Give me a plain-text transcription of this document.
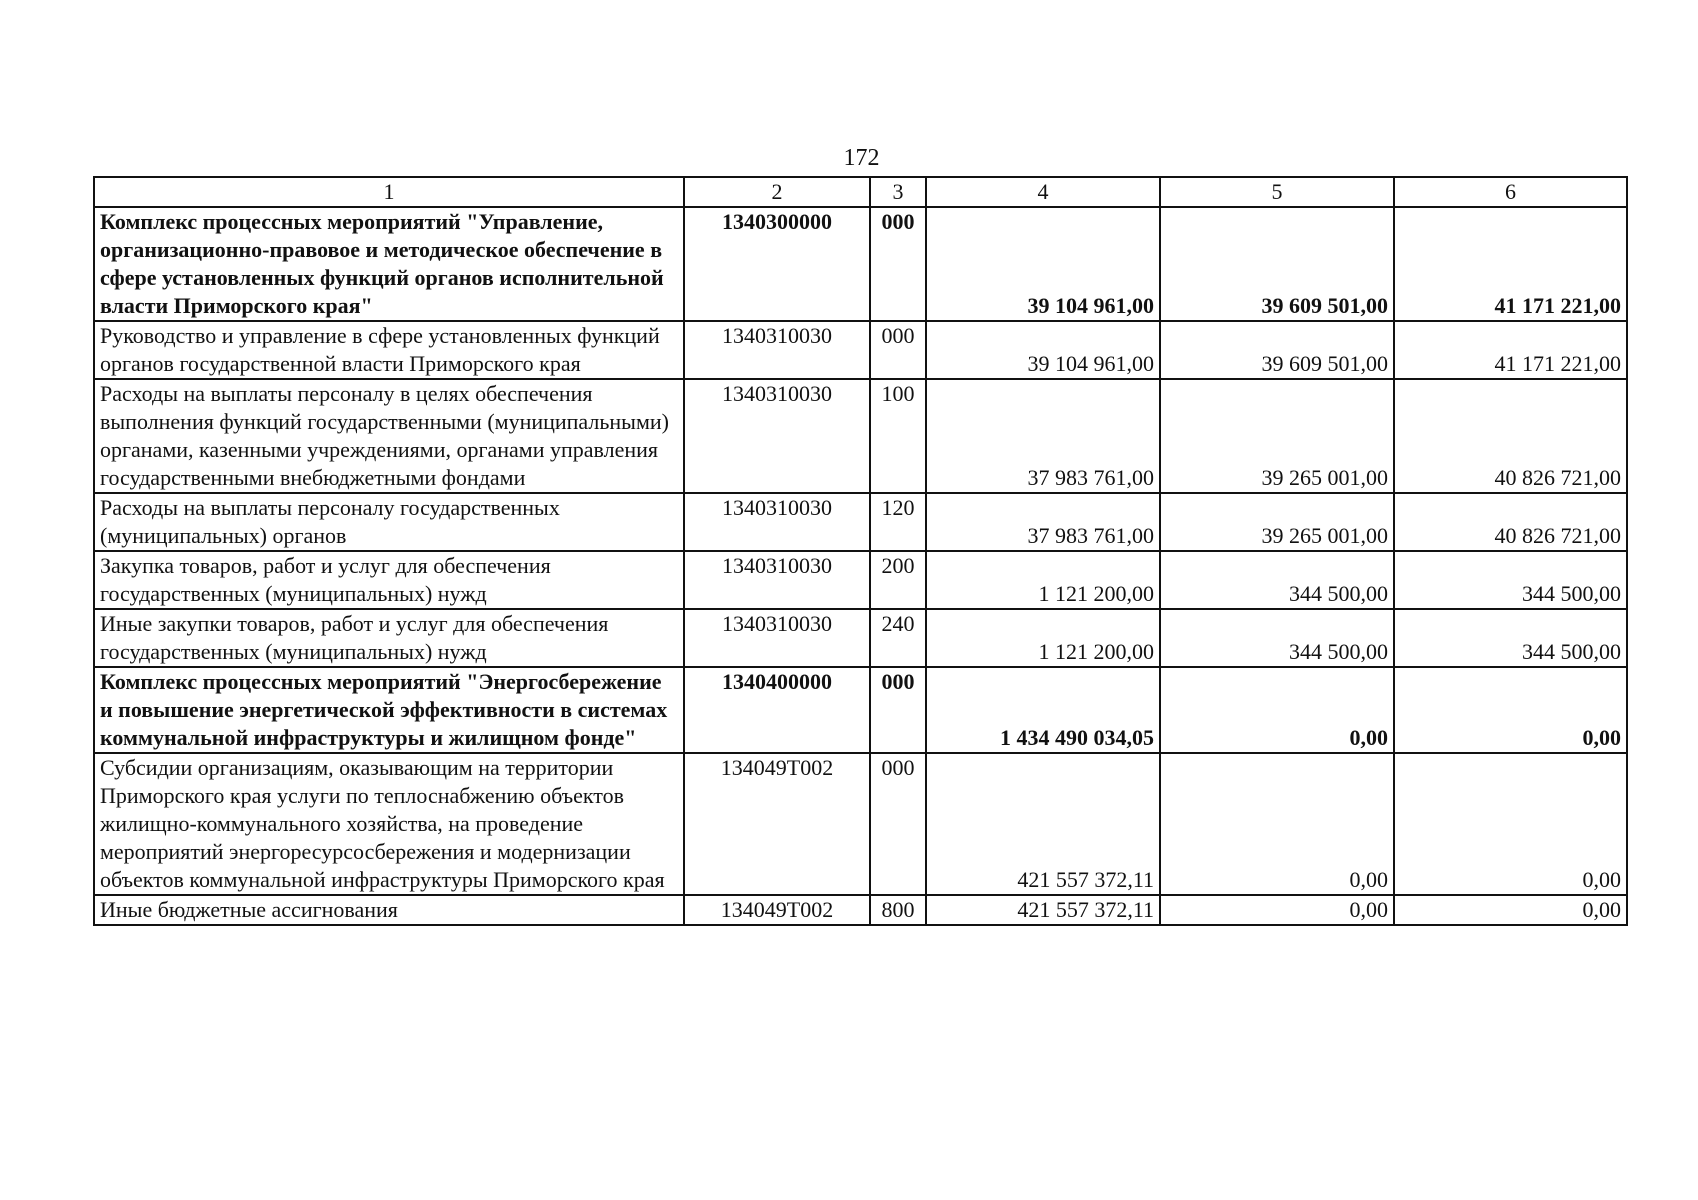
172
1	2	3	4	5	6
Комплекс процессных мероприятий "Управление, организационно-правовое и методическое обеспечение в сфере установленных функций органов исполнительной власти Приморского края"	1340300000	000	39 104 961,00	39 609 501,00	41 171 221,00
Руководство и управление в сфере установленных функций органов государственной власти Приморского края	1340310030	000	39 104 961,00	39 609 501,00	41 171 221,00
Расходы на выплаты персоналу в целях обеспечения выполнения функций государственными (муниципальными) органами, казенными учреждениями, органами управления государственными внебюджетными фондами	1340310030	100	37 983 761,00	39 265 001,00	40 826 721,00
Расходы на выплаты персоналу государственных (муниципальных) органов	1340310030	120	37 983 761,00	39 265 001,00	40 826 721,00
Закупка товаров, работ и услуг для обеспечения государственных (муниципальных) нужд	1340310030	200	1 121 200,00	344 500,00	344 500,00
Иные закупки товаров, работ и услуг для обеспечения государственных (муниципальных) нужд	1340310030	240	1 121 200,00	344 500,00	344 500,00
Комплекс процессных мероприятий "Энергосбережение и повышение энергетической эффективности в системах коммунальной инфраструктуры и жилищном фонде"	1340400000	000	1 434 490 034,05	0,00	0,00
Субсидии организациям, оказывающим на территории Приморского края услуги по теплоснабжению объектов жилищно-коммунального хозяйства, на проведение мероприятий энергоресурсосбережения и модернизации объектов коммунальной инфраструктуры Приморского края	134049Т002	000	421 557 372,11	0,00	0,00
Иные бюджетные ассигнования	134049Т002	800	421 557 372,11	0,00	0,00
